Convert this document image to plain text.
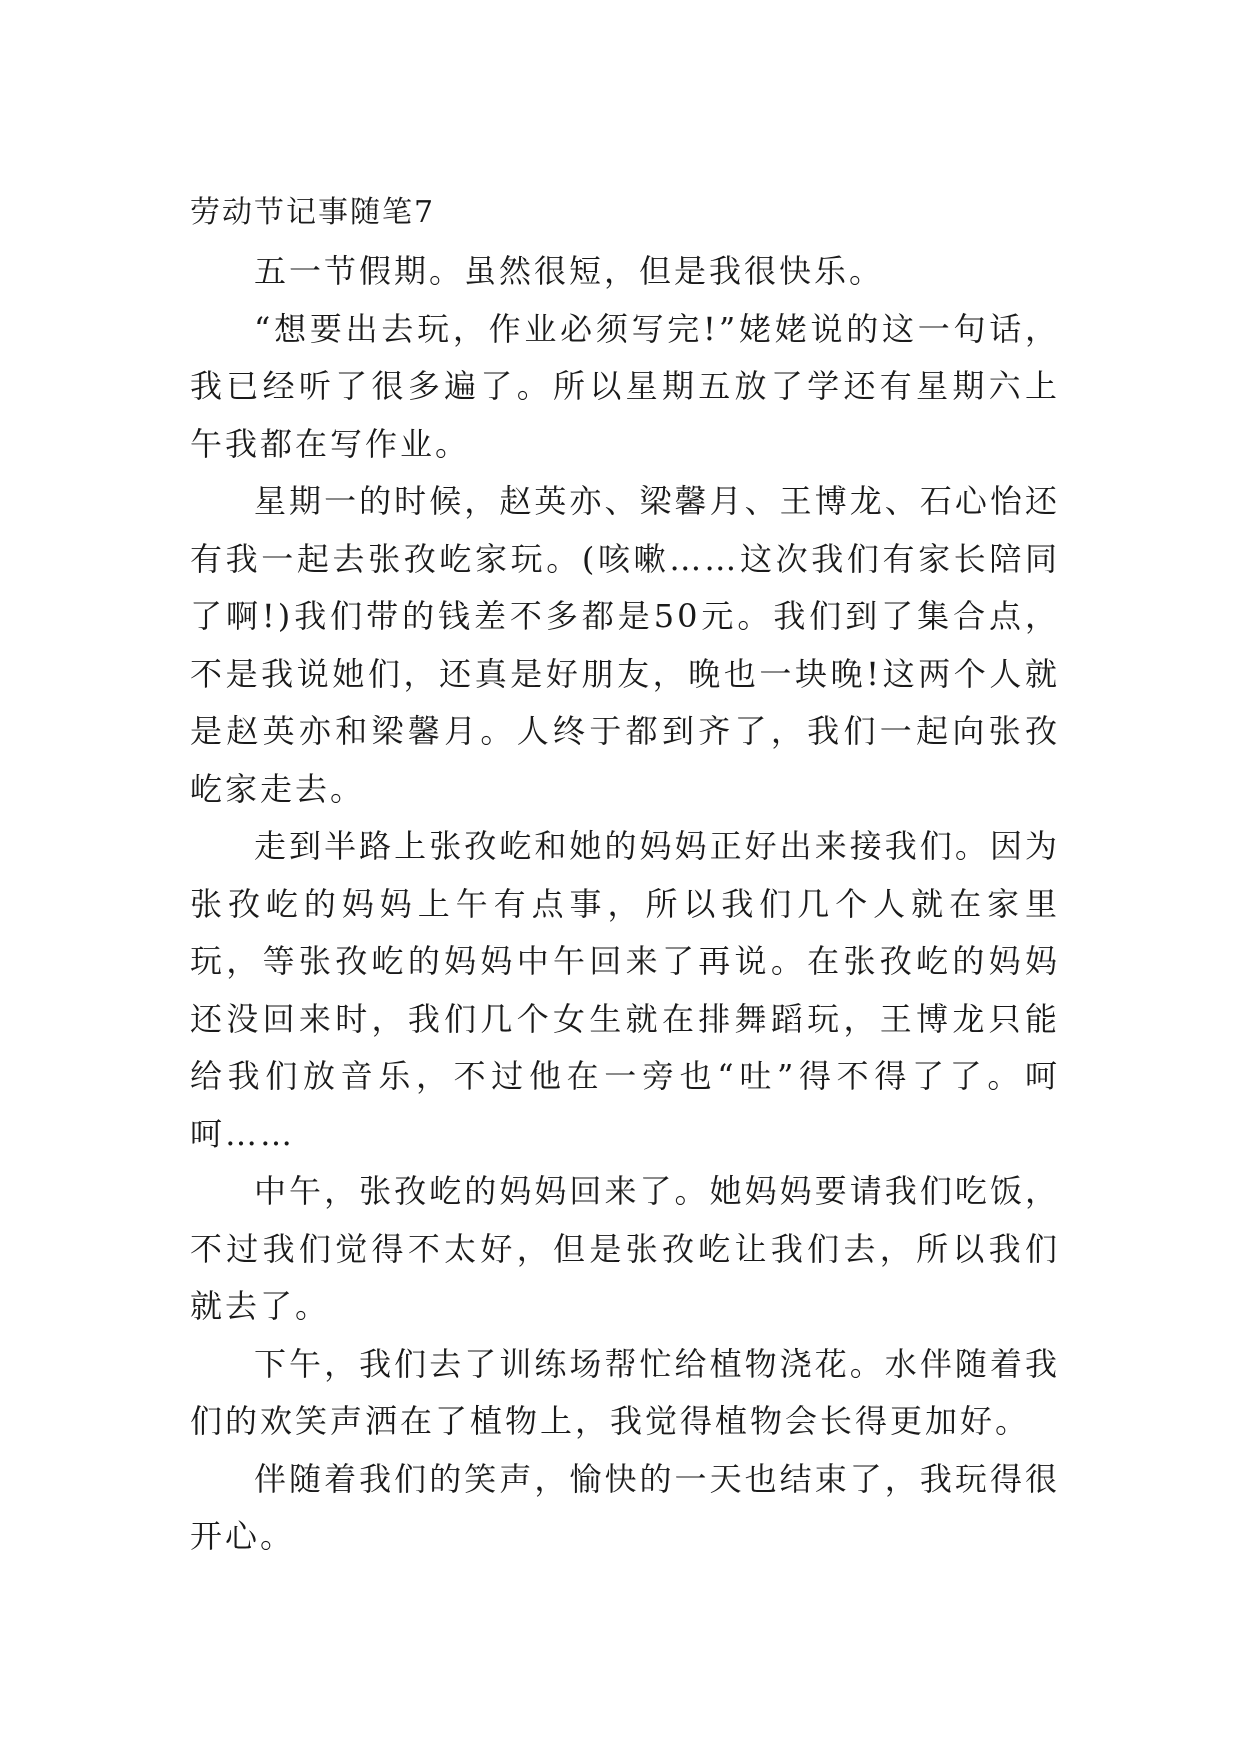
劳动节记事随笔7

五一节假期。虽然很短，但是我很快乐。

“想要出去玩，作业必须写完!”姥姥说的这一句话，我已经听了很多遍了。所以星期五放了学还有星期六上午我都在写作业。

星期一的时候，赵英亦、梁馨月、王博龙、石心怡还有我一起去张孜屹家玩。(咳嗽……这次我们有家长陪同了啊!)我们带的钱差不多都是50元。我们到了集合点，不是我说她们，还真是好朋友，晚也一块晚!这两个人就是赵英亦和梁馨月。人终于都到齐了，我们一起向张孜屹家走去。

走到半路上张孜屹和她的妈妈正好出来接我们。因为张孜屹的妈妈上午有点事，所以我们几个人就在家里玩，等张孜屹的妈妈中午回来了再说。在张孜屹的妈妈还没回来时，我们几个女生就在排舞蹈玩，王博龙只能给我们放音乐，不过他在一旁也“吐”得不得了了。呵呵……

中午，张孜屹的妈妈回来了。她妈妈要请我们吃饭，不过我们觉得不太好，但是张孜屹让我们去，所以我们就去了。

下午，我们去了训练场帮忙给植物浇花。水伴随着我们的欢笑声洒在了植物上，我觉得植物会长得更加好。

伴随着我们的笑声，愉快的一天也结束了，我玩得很开心。
